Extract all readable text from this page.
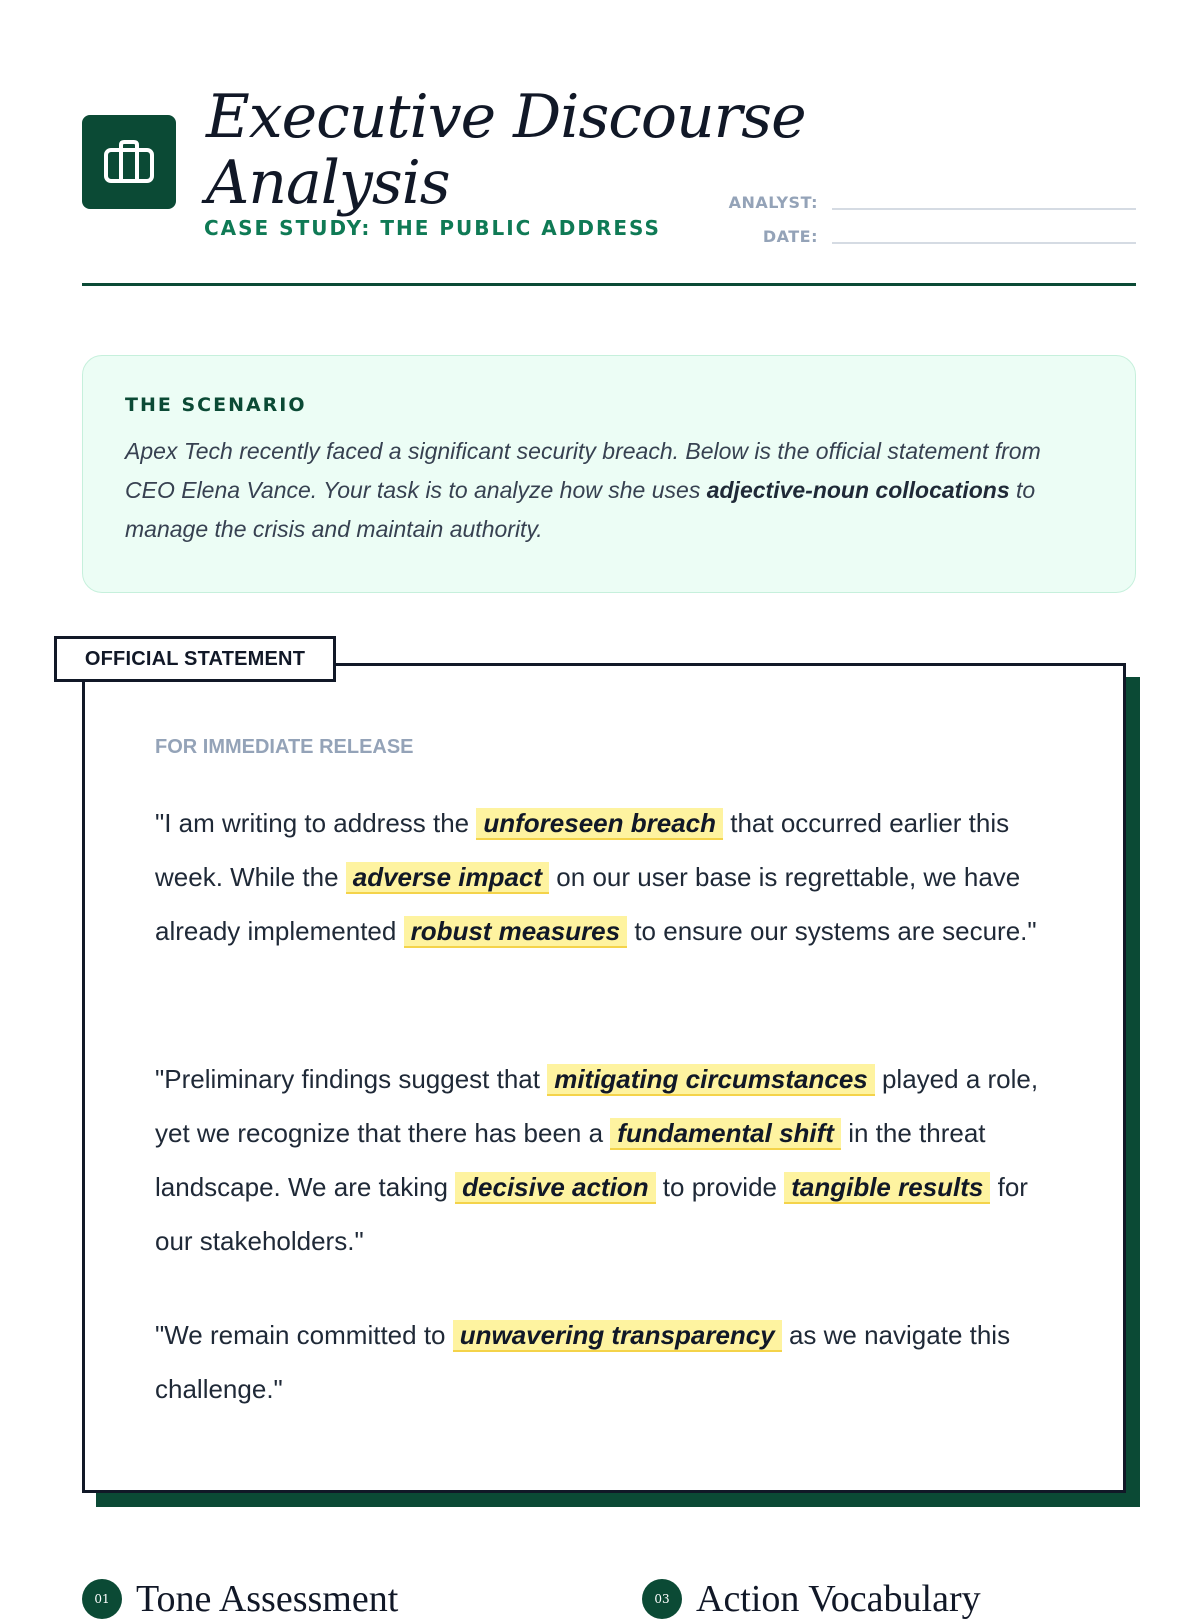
Executive Discourse Analysis

CASE STUDY: THE PUBLIC ADDRESS

ANALYST:
DATE:

THE SCENARIO

Apex Tech recently faced a significant security breach. Below is the official statement from CEO Elena Vance. Your task is to analyze how she uses adjective-noun collocations to manage the crisis and maintain authority.

FOR IMMEDIATE RELEASE

"I am writing to address the unforeseen breach that occurred earlier this week. While the adverse impact on our user base is regrettable, we have already implemented robust measures to ensure our systems are secure."

"Preliminary findings suggest that mitigating circumstances played a role, yet we recognize that there has been a fundamental shift in the threat landscape. We are taking decisive action to provide tangible results for our stakeholders."

"We remain committed to unwavering transparency as we navigate this challenge."

OFFICIAL STATEMENT
01 Tone Assessment	03 Action Vocabulary
